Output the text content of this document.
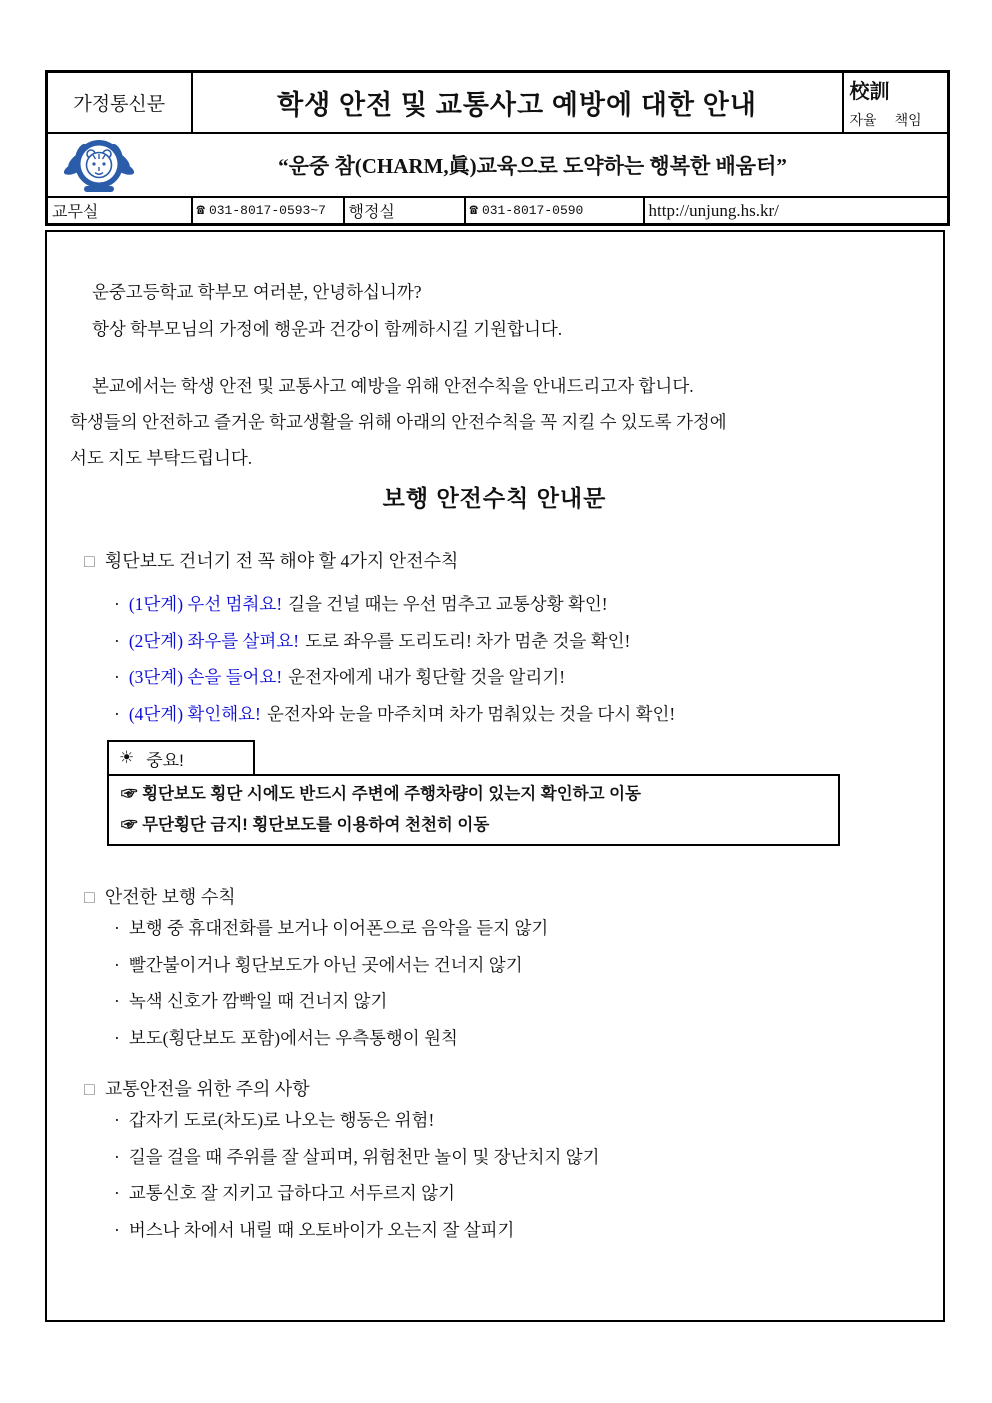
가정통신문	학생 안전 및 교통사고 예방에 대한 안내				校訓
자율 책임

“운중 참(CHARM,眞)교육으로 도약하는 행복한 배움터”					

교무실	☎ 031-8017-0593~7	행정실	☎ 031-8017-0590	http://unjung.hs.kr/	
운중고등학교 학부모 여러분, 안녕하십니까?
항상 학부모님의 가정에 행운과 건강이 함께하시길 기원합니다.
본교에서는 학생 안전 및 교통사고 예방을 위해 안전수칙을 안내드리고자 합니다.
학생들의 안전하고 즐거운 학교생활을 위해 아래의 안전수칙을 꼭 지킬 수 있도록 가정에
서도 지도 부탁드립니다.
보행 안전수칙 안내문
□ 횡단보도 건너기 전 꼭 해야 할 4가지 안전수칙
· (1단계) 우선 멈춰요! 길을 건널 때는 우선 멈추고 교통상황 확인!
· (2단계) 좌우를 살펴요! 도로 좌우를 도리도리! 차가 멈춘 것을 확인!
· (3단계) 손을 들어요! 운전자에게 내가 횡단할 것을 알리기!
· (4단계) 확인해요! 운전자와 눈을 마주치며 차가 멈춰있는 것을 다시 확인!
☀ 중요!
☞ 횡단보도 횡단 시에도 반드시 주변에 주행차량이 있는지 확인하고 이동
☞ 무단횡단 금지! 횡단보도를 이용하여 천천히 이동
□ 안전한 보행 수칙
· 보행 중 휴대전화를 보거나 이어폰으로 음악을 듣지 않기
· 빨간불이거나 횡단보도가 아닌 곳에서는 건너지 않기
· 녹색 신호가 깜빡일 때 건너지 않기
· 보도(횡단보도 포함)에서는 우측통행이 원칙
□ 교통안전을 위한 주의 사항
· 갑자기 도로(차도)로 나오는 행동은 위험!
· 길을 걸을 때 주위를 잘 살피며, 위험천만 놀이 및 장난치지 않기
· 교통신호 잘 지키고 급하다고 서두르지 않기
· 버스나 차에서 내릴 때 오토바이가 오는지 잘 살피기
